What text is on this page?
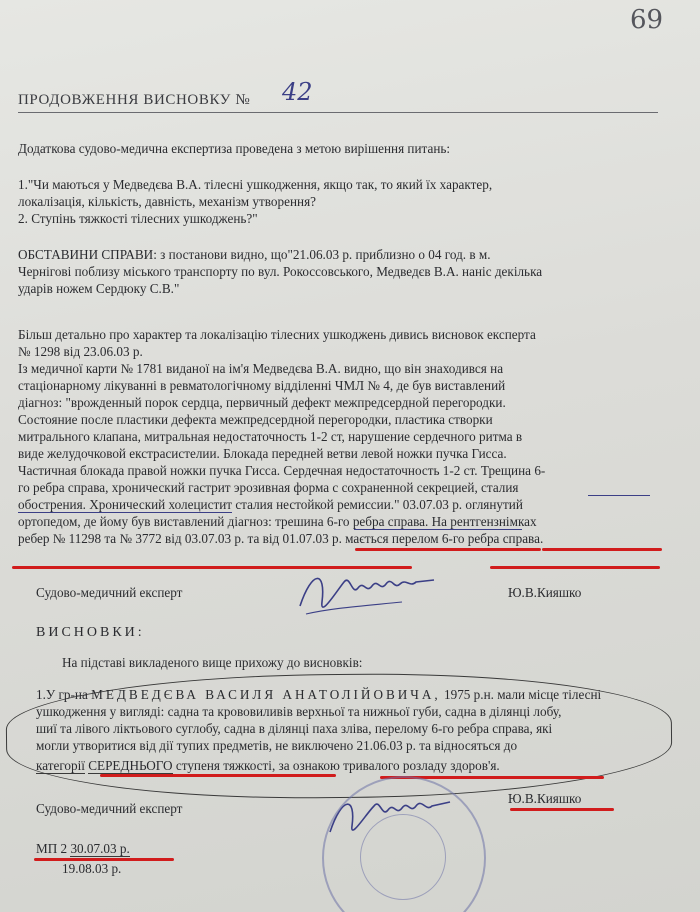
69
ПРОДОВЖЕННЯ ВИСНОВКУ № 42
Додаткова судово-медична експертиза проведена з метою вирішення питань:
1."Чи маються у Медведєва В.А. тілесні ушкодження, якщо так, то який їх характер,
локалізація, кількість, давність, механізм утворення?
2. Ступінь тяжкості тілесних ушкоджень?"
ОБСТАВИНИ СПРАВИ: з постанови видно, що"21.06.03 р. приблизно о 04 год. в м.
Чернігові поблизу міського транспорту по вул. Рокоссовського, Медведєв В.А. наніс декілька
ударів ножем Сердюку С.В."
Більш детально про характер та локалізацію тілесних ушкоджень дивись висновок експерта
№ 1298 від 23.06.03 р.
Із медичної карти № 1781 виданої на ім'я Медведєва В.А. видно, що він знаходився на
стаціонарному лікуванні в ревматологічному відділенні ЧМЛ № 4, де був виставлений
діагноз: "врожденный порок сердца, первичный дефект межпредсердной перегородки.
Состояние после пластики дефекта межпредсердной перегородки, пластика створки
митрального клапана, митральная недостаточность 1-2 ст, нарушение сердечного ритма в
виде желудочковой екстрасистелии. Блокада передней ветви левой ножки пучка Гисса.
Частичная блокада правой ножки пучка Гисса. Сердечная недостаточность 1-2 ст. Трещина 6-
го ребра справа, хронический гастрит эрозивная форма с сохраненной секрецией, сталия
обострения. Хронический холецистит сталия нестойкой ремиссии." 03.07.03 р. оглянутий
ортопедом, де йому був виставлений діагноз: трешина 6-го ребра справа. На рентгензнімках
ребер № 11298 та № 3772 від 03.07.03 р. та від 01.07.03 р. мається перелом 6-го ребра справа.
Судово-медичний експерт	Ю.В.Кияшко
ВИСНОВКИ:
На підставі викладеного вище прихожу до висновків:
1.У гр-на МЕДВЕДЄВА ВАСИЛЯ АНАТОЛІЙОВИЧА, 1975 р.н. мали місце тілесні
ушкодження у вигляді: садна та крововиливів верхньої та нижньої губи, садна в ділянці лобу,
шиї та лівого ліктьового суглобу, садна в ділянці паха зліва, перелому 6-го ребра справа, які
могли утворитися від дії тупих предметів, не виключено 21.06.03 р. та відносяться до
категорії СЕРЕДНЬОГО ступеня тяжкості, за ознакою тривалого розладу здоров'я.
Судово-медичний експерт
Ю.В.Кияшко
МП 2 30.07.03 р.
19.08.03 р.
